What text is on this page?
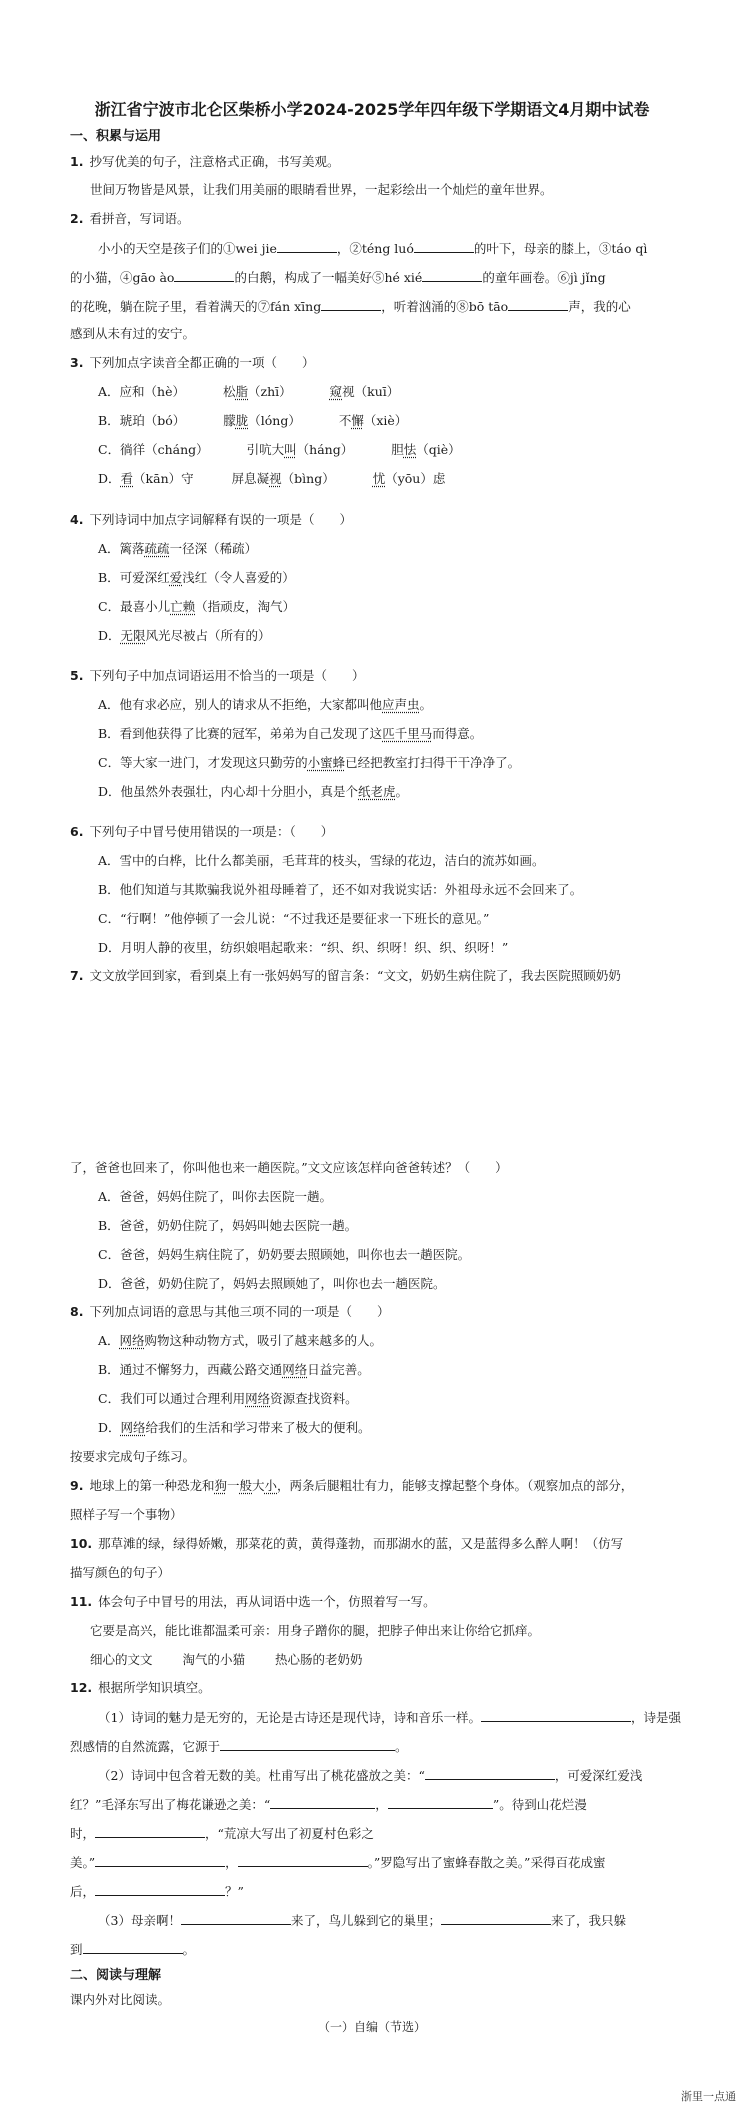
浙江省宁波市北仑区柴桥小学2024-2025学年四年级下学期语文4月期中试卷
一、积累与运用

1. 抄写优美的句子，注意格式正确，书写美观。

世间万物皆是风景，让我们用美丽的眼睛看世界，一起彩绘出一个灿烂的童年世界。

2. 看拼音，写词语。

小小的天空是孩子们的①wei jie	，②téng luó	的叶下，母亲的膝上，③táo qì

的小猫，④gāo ào	的白鹅，构成了一幅美好⑤hé xié	的童年画卷。⑥jì jǐng

的花晚，躺在院子里，看着满天的⑦fán xīng	，听着汹涌的⑧bō tāo	声，我的心

感到从未有过的安宁。

3. 下列加点字读音全都正确的一项（　　）

A．应和（hè）	松脂（zhī）	窥视（kuī）

B．琥珀（bó）	朦胧（lóng）	不懈（xiè）

C．徜徉（cháng）	引吭大叫（háng）	胆怯（qiè）

D．看（kān）守	屏息凝视（bìng）	忧（yōu）虑

4. 下列诗词中加点字词解释有误的一项是（　　）

A．篱落疏疏一径深（稀疏）

B．可爱深红爱浅红（令人喜爱的）

C．最喜小儿亡赖（指顽皮，淘气）

D．无限风光尽被占（所有的）

5. 下列句子中加点词语运用不恰当的一项是（　　）

A．他有求必应，别人的请求从不拒绝，大家都叫他应声虫。

B．看到他获得了比赛的冠军，弟弟为自己发现了这匹千里马而得意。

C．等大家一进门，才发现这只勤劳的小蜜蜂已经把教室打扫得干干净净了。

D．他虽然外表强壮，内心却十分胆小，真是个纸老虎。

6. 下列句子中冒号使用错误的一项是：（　　）

A．雪中的白桦，比什么都美丽，毛茸茸的枝头，雪绿的花边，洁白的流苏如画。

B．他们知道与其欺骗我说外祖母睡着了，还不如对我说实话：外祖母永远不会回来了。

C．“行啊！”他停顿了一会儿说：“不过我还是要征求一下班长的意见。”

D．月明人静的夜里，纺织娘唱起歌来：“织、织、织呀！织、织、织呀！”

7. 文文放学回到家，看到桌上有一张妈妈写的留言条：“文文，奶奶生病住院了，我去医院照顾奶奶

了，爸爸也回来了，你叫他也来一趟医院。”文文应该怎样向爸爸转述？（　　）

A．爸爸，妈妈住院了，叫你去医院一趟。

B．爸爸，奶奶住院了，妈妈叫她去医院一趟。

C．爸爸，妈妈生病住院了，奶奶要去照顾她，叫你也去一趟医院。

D．爸爸，奶奶住院了，妈妈去照顾她了，叫你也去一趟医院。

8. 下列加点词语的意思与其他三项不同的一项是（　　）

A．网络购物这种动物方式，吸引了越来越多的人。

B．通过不懈努力，西藏公路交通网络日益完善。

C．我们可以通过合理利用网络资源查找资料。

D．网络给我们的生活和学习带来了极大的便利。

按要求完成句子练习。

9. 地球上的第一种恐龙和狗一般大小，两条后腿粗壮有力，能够支撑起整个身体。（观察加点的部分，

照样子写一个事物）

10. 那草滩的绿，绿得娇嫩，那菜花的黄，黄得蓬勃，而那湖水的蓝，又是蓝得多么醉人啊！（仿写

描写颜色的句子）

11. 体会句子中冒号的用法，再从词语中选一个，仿照着写一写。

它要是高兴，能比谁都温柔可亲：用身子蹭你的腿，把脖子伸出来让你给它抓痒。

细心的文文 淘气的小猫 热心肠的老奶奶

12. 根据所学知识填空。

（1）诗词的魅力是无穷的，无论是古诗还是现代诗，诗和音乐一样。	，诗是强

烈感情的自然流露，它源于	。

（2）诗词中包含着无数的美。杜甫写出了桃花盛放之美：“	，可爱深红爱浅

红？”毛泽东写出了梅花谦逊之美：“	，	”。待到山花烂漫

时，	，“荒凉大写出了初夏村色彩之

美。”	，	。”罗隐写出了蜜蜂春散之美。”采得百花成蜜

后，	？”

（3）母亲啊！	来了，鸟儿躲到它的巢里；	来了，我只躲

到	。

二、阅读与理解

课内外对比阅读。

（一）自编（节选）

浙里一点通
